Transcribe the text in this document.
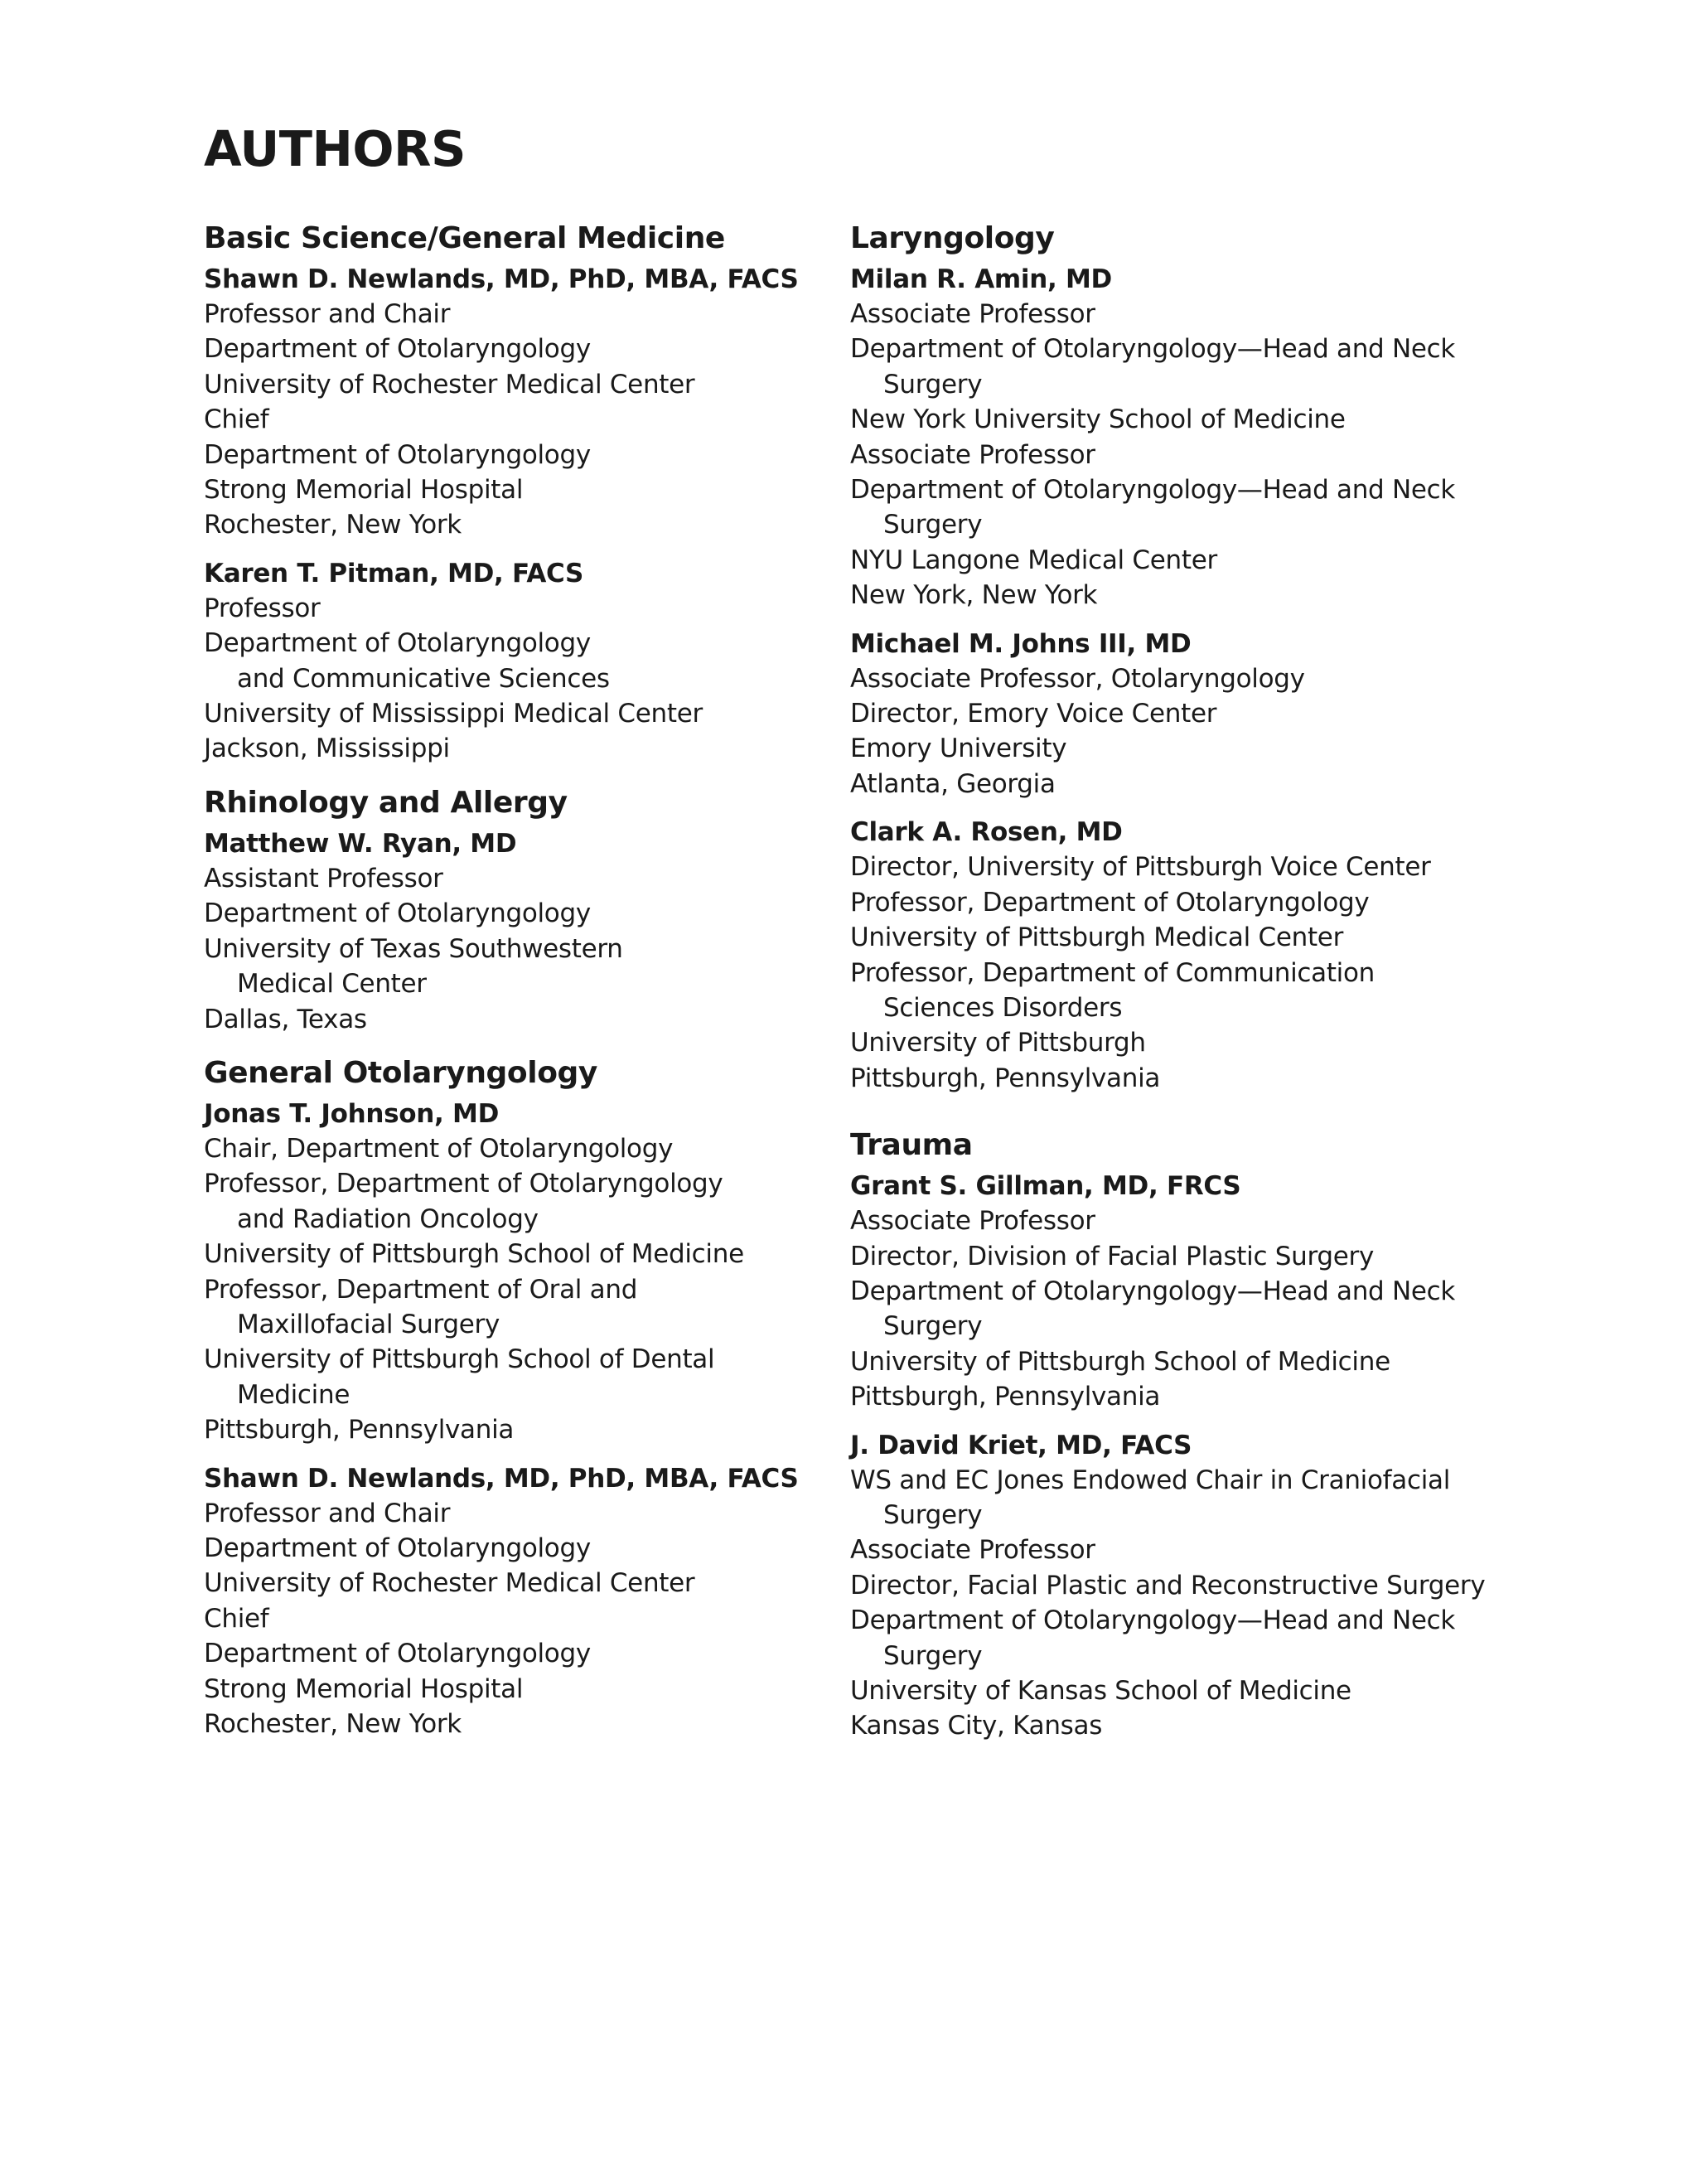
AUTHORS
Basic Science/General Medicine
Shawn D. Newlands, MD, PhD, MBA, FACS
Professor and Chair
Department of Otolaryngology
University of Rochester Medical Center
Chief
Department of Otolaryngology
Strong Memorial Hospital
Rochester, New York
Karen T. Pitman, MD, FACS
Professor
Department of Otolaryngology
and Communicative Sciences
University of Mississippi Medical Center
Jackson, Mississippi
Rhinology and Allergy
Matthew W. Ryan, MD
Assistant Professor
Department of Otolaryngology
University of Texas Southwestern
Medical Center
Dallas, Texas
General Otolaryngology
Jonas T. Johnson, MD
Chair, Department of Otolaryngology
Professor, Department of Otolaryngology
and Radiation Oncology
University of Pittsburgh School of Medicine
Professor, Department of Oral and
Maxillofacial Surgery
University of Pittsburgh School of Dental
Medicine
Pittsburgh, Pennsylvania
Shawn D. Newlands, MD, PhD, MBA, FACS
Professor and Chair
Department of Otolaryngology
University of Rochester Medical Center
Chief
Department of Otolaryngology
Strong Memorial Hospital
Rochester, New York
Laryngology
Milan R. Amin, MD
Associate Professor
Department of Otolaryngology—Head and Neck
Surgery
New York University School of Medicine
Associate Professor
Department of Otolaryngology—Head and Neck
Surgery
NYU Langone Medical Center
New York, New York
Michael M. Johns III, MD
Associate Professor, Otolaryngology
Director, Emory Voice Center
Emory University
Atlanta, Georgia
Clark A. Rosen, MD
Director, University of Pittsburgh Voice Center
Professor, Department of Otolaryngology
University of Pittsburgh Medical Center
Professor, Department of Communication
Sciences Disorders
University of Pittsburgh
Pittsburgh, Pennsylvania
Trauma
Grant S. Gillman, MD, FRCS
Associate Professor
Director, Division of Facial Plastic Surgery
Department of Otolaryngology—Head and Neck
Surgery
University of Pittsburgh School of Medicine
Pittsburgh, Pennsylvania
J. David Kriet, MD, FACS
WS and EC Jones Endowed Chair in Craniofacial
Surgery
Associate Professor
Director, Facial Plastic and Reconstructive Surgery
Department of Otolaryngology—Head and Neck
Surgery
University of Kansas School of Medicine
Kansas City, Kansas
